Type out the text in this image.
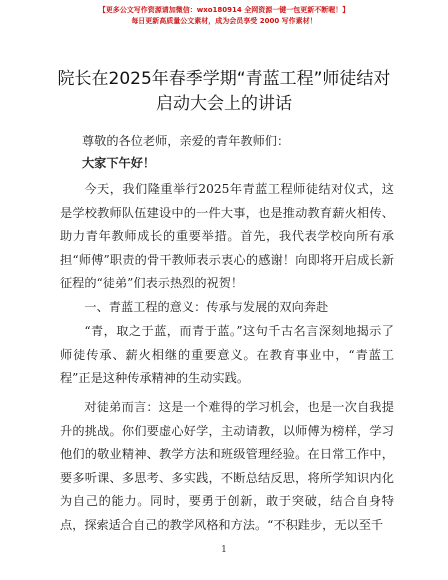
【更多公文写作资源请加微信：wxo180914 全网资源一键一包更新不断喔！】
每日更新高质量公文素材，成为会员享受 2000 写作素材！
院长在2025年春季学期“青蓝工程”师徒结对
启动大会上的讲话

尊敬的各位老师，亲爱的青年教师们：

大家下午好！

今天，我们隆重举行2025年青蓝工程师徒结对仪式，这是学校教师队伍建设中的一件大事，也是推动教育薪火相传、助力青年教师成长的重要举措。首先，我代表学校向所有承担“师傅”职责的骨干教师表示衷心的感谢！向即将开启成长新征程的“徒弟”们表示热烈的祝贺！

一、青蓝工程的意义：传承与发展的双向奔赴

“青，取之于蓝，而青于蓝。”这句千古名言深刻地揭示了师徒传承、薪火相继的重要意义。在教育事业中，“青蓝工程”正是这种传承精神的生动实践。

对徒弟而言：这是一个难得的学习机会，也是一次自我提升的挑战。你们要虚心好学，主动请教，以师傅为榜样，学习他们的敬业精神、教学方法和班级管理经验。在日常工作中，要多听课、多思考、多实践，不断总结反思，将所学知识内化为自己的能力。同时，要勇于创新，敢于突破，结合自身特点，探索适合自己的教学风格和方法。“不积跬步，无以至千

1
